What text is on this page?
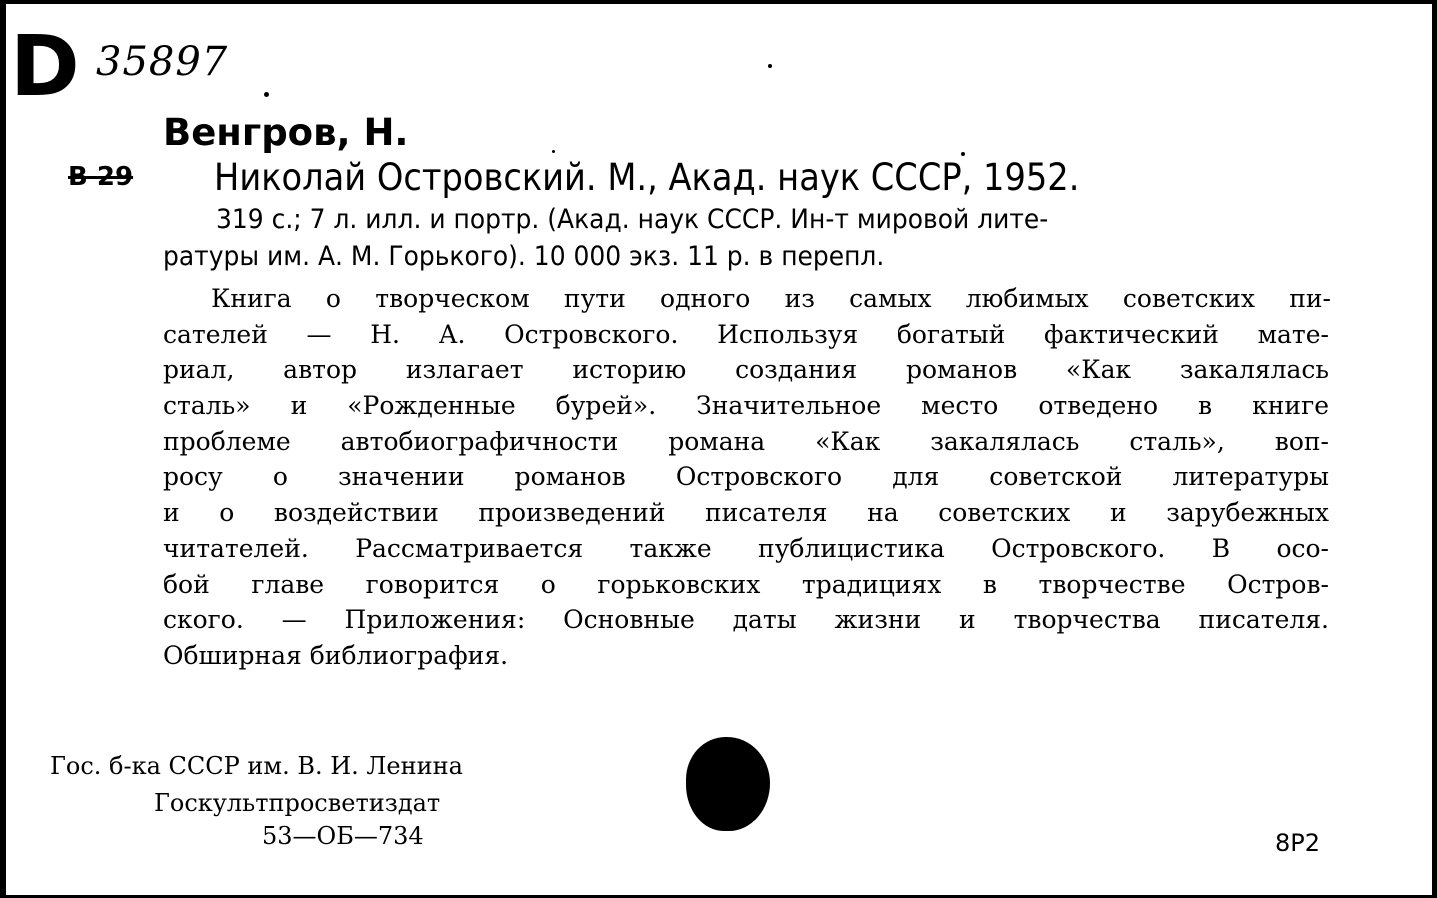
D 35897
Венгров, Н.
В 29 Николай Островский. М., Акад. наук СССР, 1952.
319 с.; 7 л. илл. и портр. (Акад. наук СССР. Ин-т мировой лите-
ратуры им. А. М. Горького). 10 000 экз. 11 р. в перепл.
Книга о творческом пути одного из самых любимых советских пи-
сателей — Н. А. Островского. Используя богатый фактический мате-
риал, автор излагает историю создания романов «Как закалялась
сталь» и «Рожденные бурей». Значительное место отведено в книге
проблеме автобиографичности романа «Как закалялась сталь», воп-
росу о значении романов Островского для советской литературы
и о воздействии произведений писателя на советских и зарубежных
читателей. Рассматривается также публицистика Островского. В осо-
бой главе говорится о горьковских традициях в творчестве Остров-
ского. — Приложения: Основные даты жизни и творчества писателя.
Обширная библиография.
Гос. б-ка СССР им. В. И. Ленина
Госкультпросветиздат
53—ОБ—734	8Р2
